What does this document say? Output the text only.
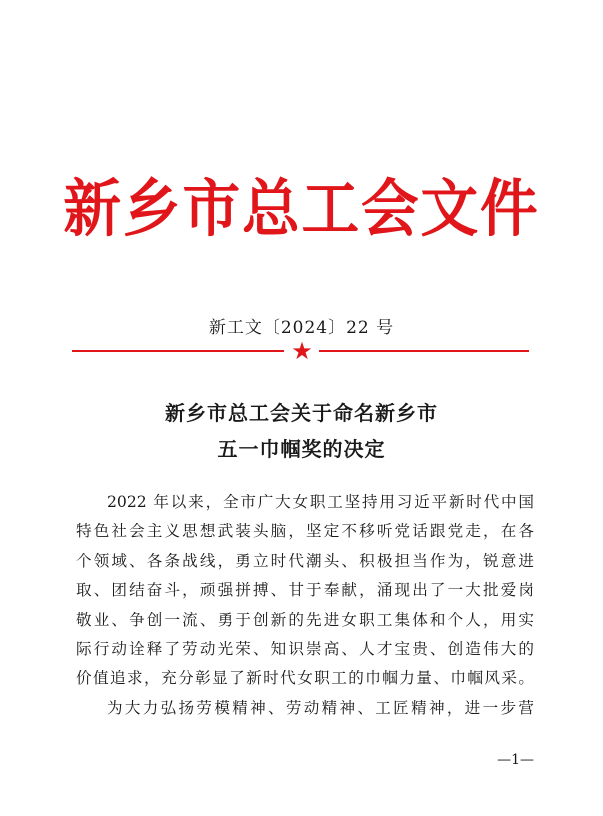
新乡市总工会文件
新工文〔2024〕22 号
★
新乡市总工会关于命名新乡市
五一巾帼奖的决定
2022 年以来，全市广大女职工坚持用习近平新时代中国
特色社会主义思想武装头脑，坚定不移听党话跟党走，在各
个领域、各条战线，勇立时代潮头、积极担当作为，锐意进
取、团结奋斗，顽强拼搏、甘于奉献，涌现出了一大批爱岗
敬业、争创一流、勇于创新的先进女职工集体和个人，用实
际行动诠释了劳动光荣、知识崇高、人才宝贵、创造伟大的
价值追求，充分彰显了新时代女职工的巾帼力量、巾帼风采。
为大力弘扬劳模精神、劳动精神、工匠精神，进一步营
—1—
